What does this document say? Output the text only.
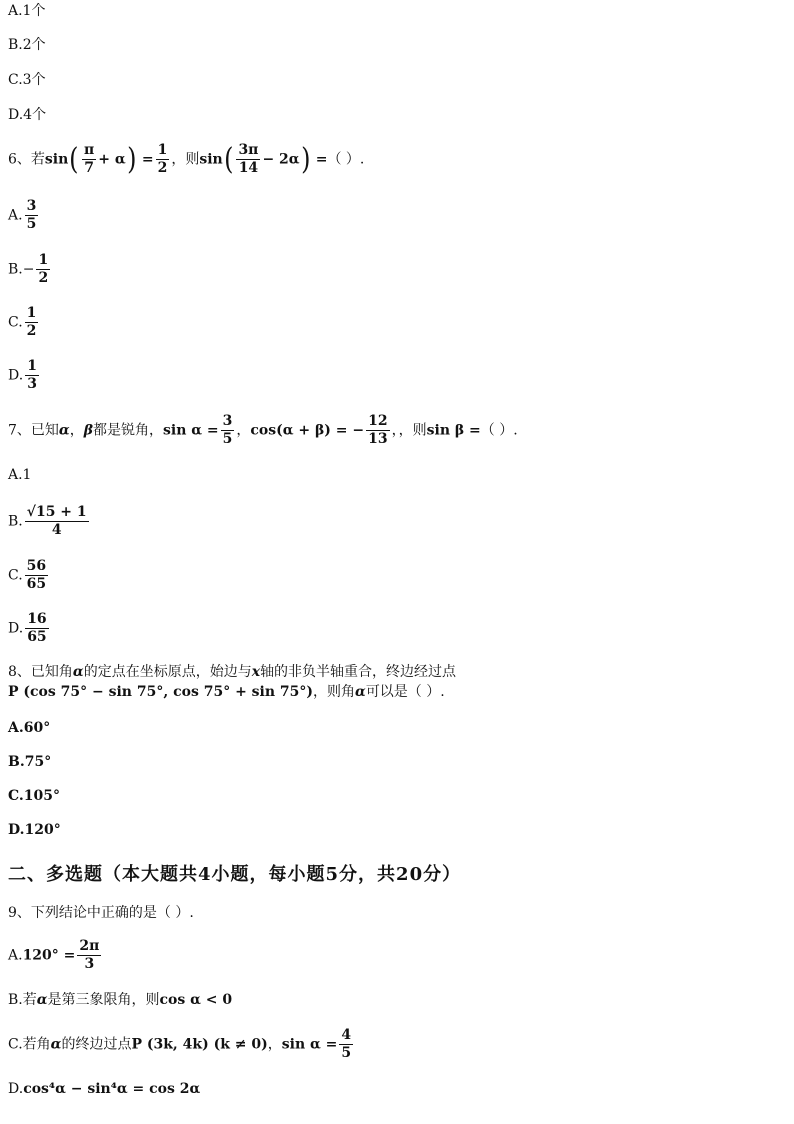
A.1个
B.2个
C.3个
D.4个
6、若$\sin( \frac{\pi}{7} + \alpha) = \frac{1}{2}$ ，则$\sin( \frac{3\pi}{14} - 2\alpha)$ =（ ）.
A. $\frac{3}{5}$
$B.- \frac{1}{2}$
C. $\frac{1}{2}$
D. $\frac{1}{3}$
7、已知α，β都是锐角，$\sin \alpha = \frac{3}{5}$ ，cos(α + β) = − $\frac{12}{13}$ ，，则sin β =（ ）.
A.1
B. $\frac{√15 + 1}{4}$
C. $\frac{56}{65}$
D. $\frac{16}{65}$
8、已知角α的定点在坐标原点，始边与x轴的非负半轴重合，终边经过点
P (cos 75° − sin 75°, cos 75° + sin 75°)，则角α可以是（ ）.
A.60°
B.75°
C.105°
D.120°
二、多选题（本大题共4小题，每小题5分，共20分）
9、下列结论中正确的是（ ）.
$A.120^\circ = \frac{2\pi}{3}$
B.若α是第三象限角，则cos α < 0
C.若角α的终边过点P (3k, 4k) (k ≠ 0)，$\sin \alpha = \frac{4}{5}$
D.cos⁴α − sin⁴α = cos 2α
